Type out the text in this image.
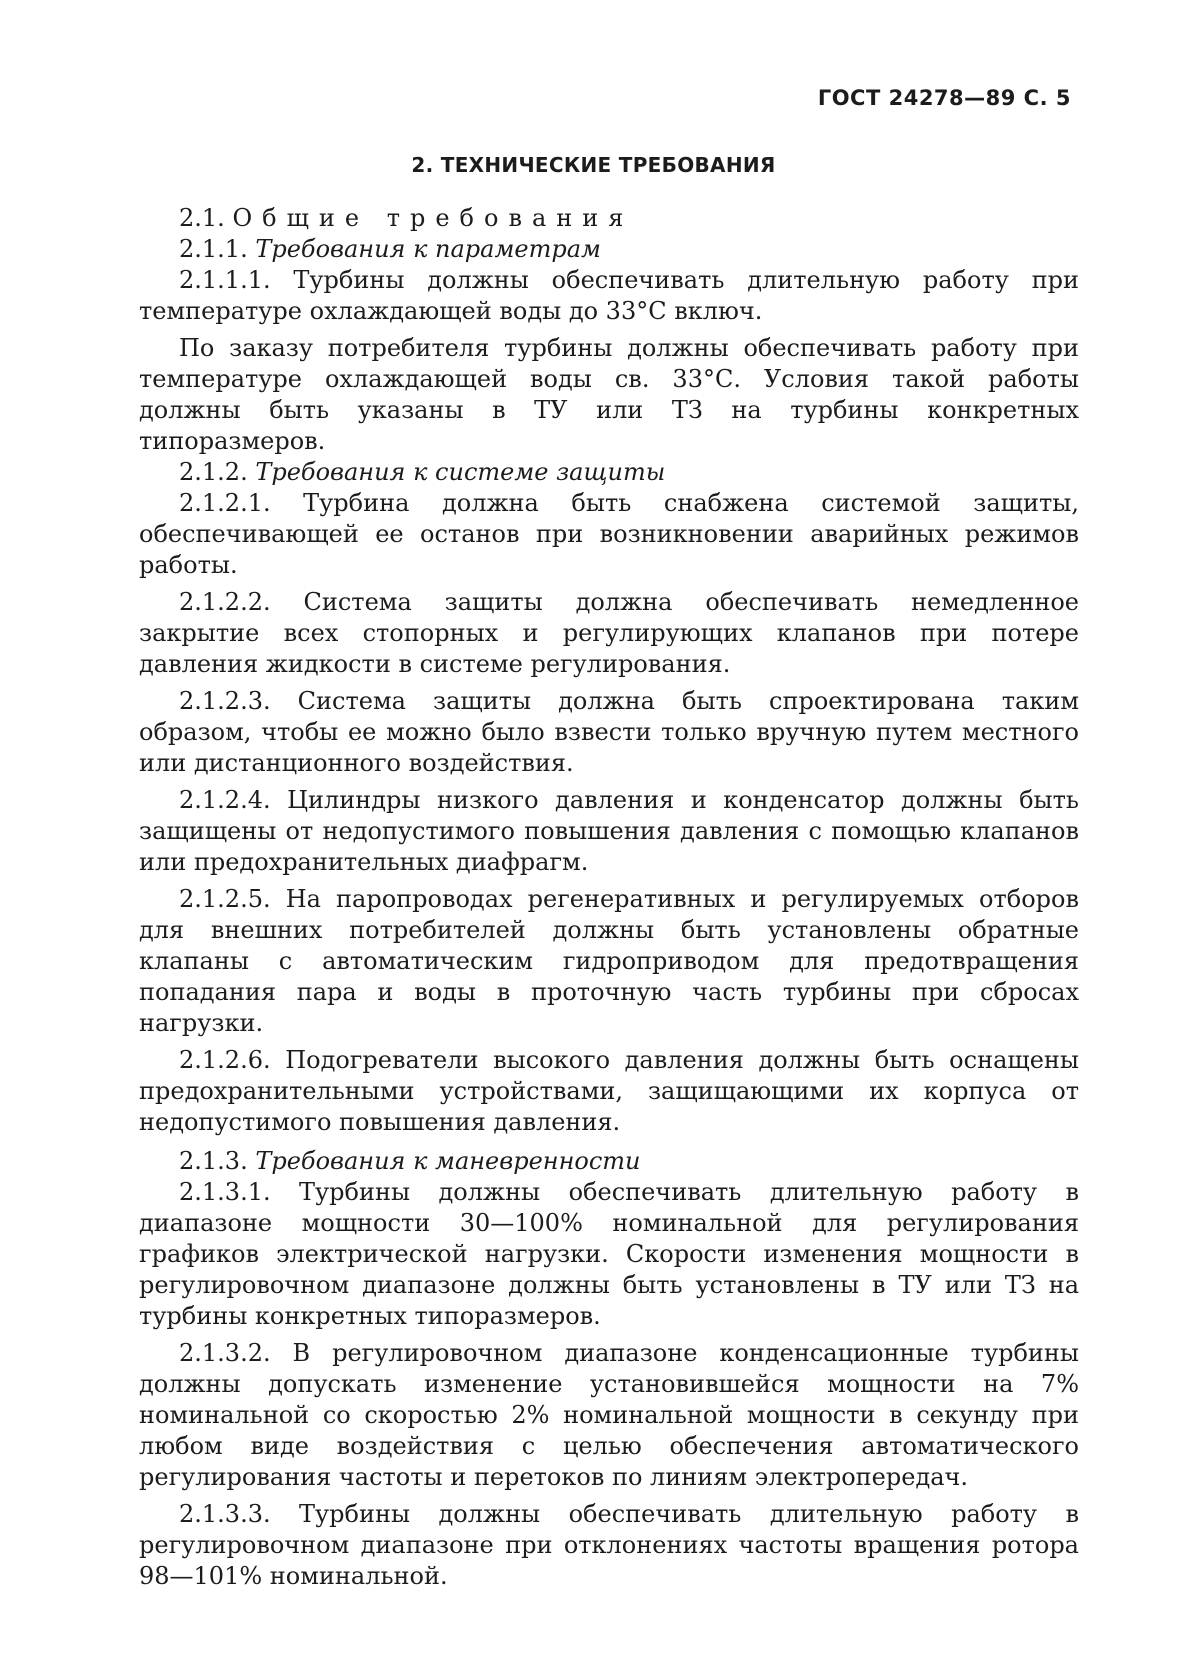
ГОСТ 24278—89 С. 5
2. ТЕХНИЧЕСКИЕ ТРЕБОВАНИЯ
2.1. Общие требования
2.1.1. Требования к параметрам

2.1.1.1. Турбины должны обеспечивать длительную работу при температуре охлаждающей воды до 33°С включ.

По заказу потребителя турбины должны обеспечивать работу при температуре охлаждающей воды св. 33°С. Условия такой работы должны быть указаны в ТУ или ТЗ на турбины конкретных типоразмеров.

2.1.2. Требования к системе защиты

2.1.2.1. Турбина должна быть снабжена системой защиты, обеспечивающей ее останов при возникновении аварийных режимов работы.

2.1.2.2. Система защиты должна обеспечивать немедленное закрытие всех стопорных и регулирующих клапанов при потере давления жидкости в системе регулирования.

2.1.2.3. Система защиты должна быть спроектирована таким образом, чтобы ее можно было взвести только вручную путем местного или дистанционного воздействия.

2.1.2.4. Цилиндры низкого давления и конденсатор должны быть защищены от недопустимого повышения давления с помощью клапанов или предохранительных диафрагм.

2.1.2.5. На паропроводах регенеративных и регулируемых отборов для внешних потребителей должны быть установлены обратные клапаны с автоматическим гидроприводом для предотвращения попадания пара и воды в проточную часть турбины при сбросах нагрузки.

2.1.2.6. Подогреватели высокого давления должны быть оснащены предохранительными устройствами, защищающими их корпуса от недопустимого повышения давления.

2.1.3. Требования к маневренности

2.1.3.1. Турбины должны обеспечивать длительную работу в диапазоне мощности 30—100% номинальной для регулирования графиков электрической нагрузки. Скорости изменения мощности в регулировочном диапазоне должны быть установлены в ТУ или ТЗ на турбины конкретных типоразмеров.

2.1.3.2. В регулировочном диапазоне конденсационные турбины должны допускать изменение установившейся мощности на 7% номинальной со скоростью 2% номинальной мощности в секунду при любом виде воздействия с целью обеспечения автоматического регулирования частоты и перетоков по линиям электропередач.

2.1.3.3. Турбины должны обеспечивать длительную работу в регулировочном диапазоне при отклонениях частоты вращения ротора 98—101% номинальной.
